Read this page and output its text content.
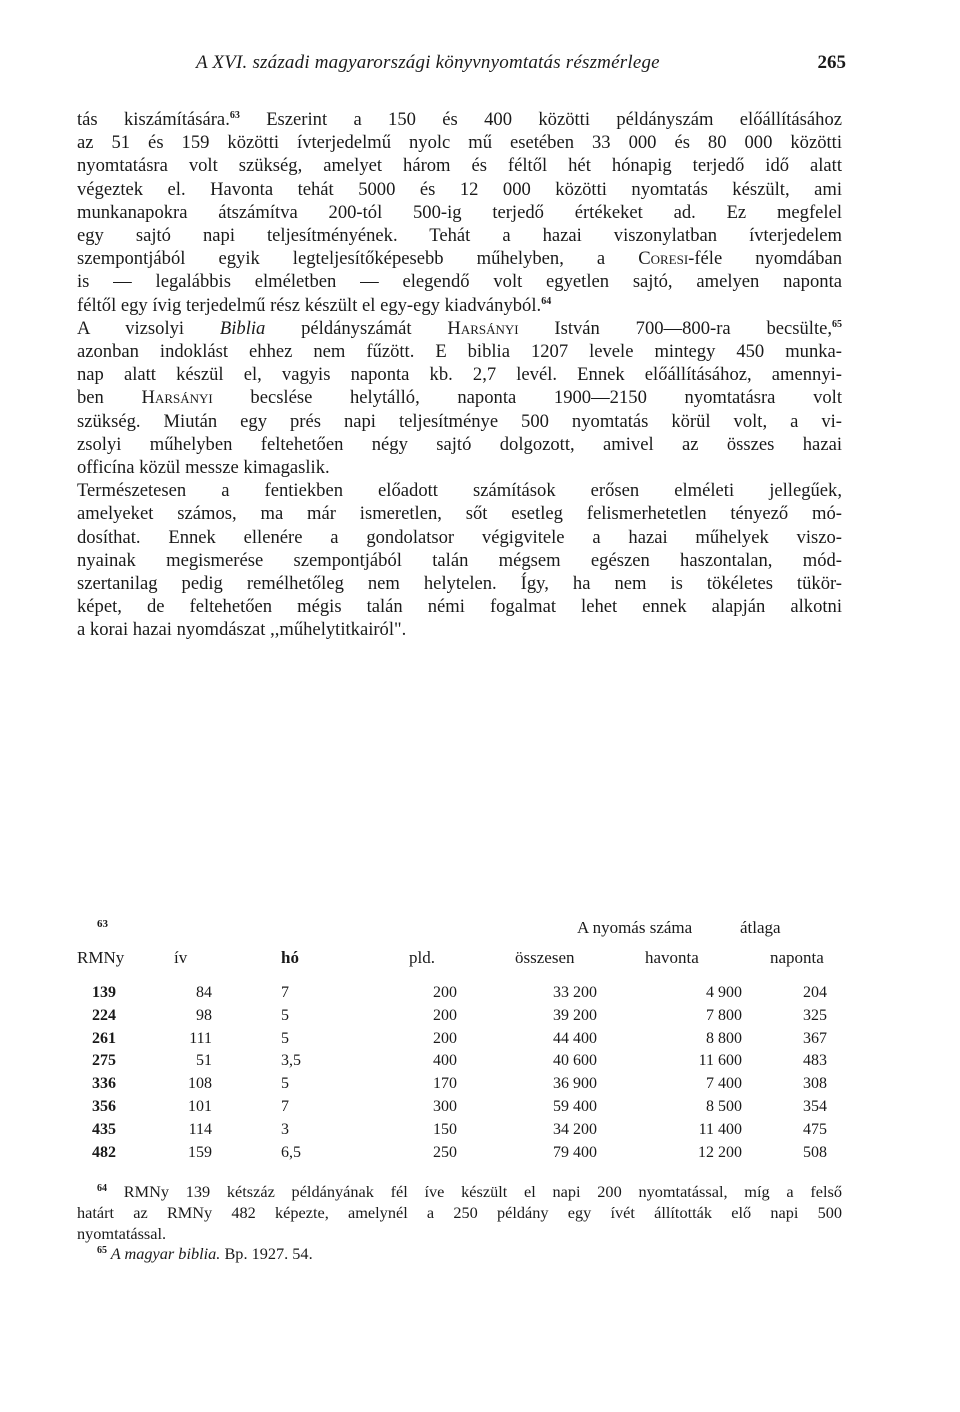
A XVI. századi magyarországi könyvnyomtatás részmérlege	265
tás kiszámítására.$^{63}$ Eszerint a 150 és 400 közötti példányszám előállításához
az 51 és 159 közötti ívterjedelmű nyolc mű esetében 33 000 és 80 000 közötti
nyomtatásra volt szükség, amelyet három és féltől hét hónapig terjedő idő alatt
végeztek el. Havonta tehát 5000 és 12 000 közötti nyomtatás készült, ami
munkanapokra átszámítva 200-tól 500-ig terjedő értékeket ad. Ez megfelel
egy sajtó napi teljesítményének. Tehát a hazai viszonylatban ívterjedelem
szempontjából egyik legteljesítőképesebb műhelyben, a Coresi-féle nyomdában
is — legalábbis elméletben — elegendő volt egyetlen sajtó, amelyen naponta
féltől egy ívig terjedelmű rész készült el egy-egy kiadványból.$^{64}$
A vizsolyi Biblia példányszámát Harsányi István 700—800-ra becsülte,$^{65}$
azonban indoklást ehhez nem fűzött. E biblia 1207 levele mintegy 450 munka-
nap alatt készül el, vagyis naponta kb. 2,7 levél. Ennek előállításához, amennyi-
ben Harsányi becslése helytálló, naponta 1900—2150 nyomtatásra volt
szükség. Miután egy prés napi teljesítménye 500 nyomtatás körül volt, a vi-
zsolyi műhelyben feltehetően négy sajtó dolgozott, amivel az összes hazai
officína közül messze kimagaslik.
Természetesen a fentiekben előadott számítások erősen elméleti jellegűek,
amelyeket számos, ma már ismeretlen, sőt esetleg felismerhetetlen tényező mó-
dosíthat. Ennek ellenére a gondolatsor végigvitele a hazai műhelyek viszo-
nyainak megismerése szempontjából talán mégsem egészen haszontalan, mód-
szertanilag pedig remélhetőleg nem helytelen. Így, ha nem is tökéletes tükör-
képet, de feltehetően mégis talán némi fogalmat lehet ennek alapján alkotni
a korai hazai nyomdászat ,,műhelytitkairól".
63	A nyomás száma	átlaga
RMNy	ív	hó	pld.	összesen	havonta	naponta
139	84	7	200	33 200	4 900	204
224	98	5	200	39 200	7 800	325
261	111	5	200	44 400	8 800	367
275	51	3,5	400	40 600	11 600	483
336	108	5	170	36 900	7 400	308
356	101	7	300	59 400	8 500	354
435	114	3	150	34 200	11 400	475
482	159	6,5	250	79 400	12 200	508
$^{64}$ RMNy 139 kétszáz példányának fél íve készült el napi 200 nyomtatással, míg a felső
határt az RMNy 482 képezte, amelynél a 250 példány egy ívét állították elő napi 500
nyomtatással.
$^{65}$ A magyar biblia. Bp. 1927. 54.
